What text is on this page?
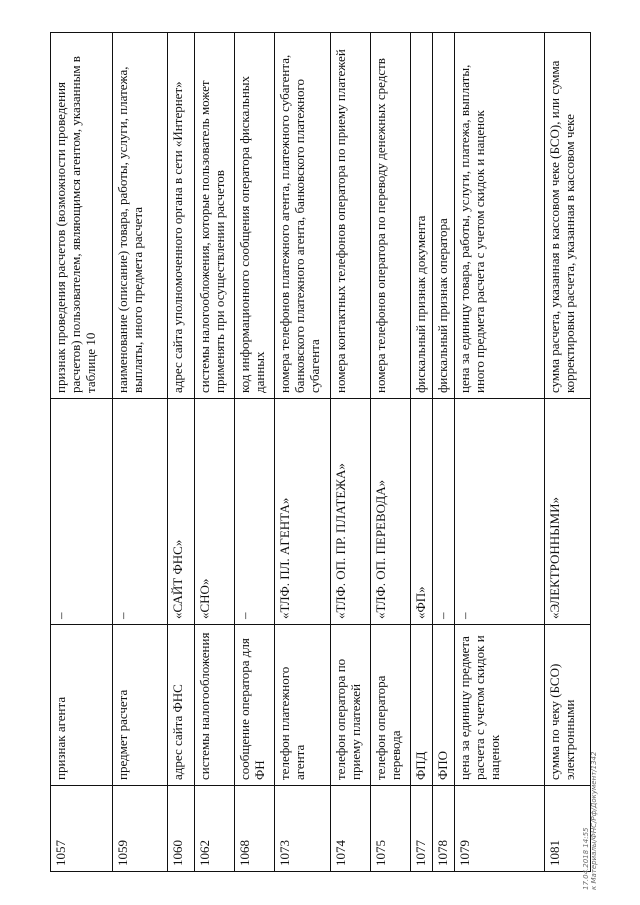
1057	признак агента	–	признак проведения расчетов (возможности проведения расчетов) пользователем, являющимся агентом, указанным в таблице 10
1059	предмет расчета	–	наименование (описание) товара, работы, услуги, платежа, выплаты, иного предмета расчета
1060	адрес сайта ФНС	«САЙТ ФНС»	адрес сайта уполномоченного органа в сети «Интернет»
1062	системы налогообложения	«СНО»	системы налогообложения, которые пользователь может применять при осуществлении расчетов
1068	сообщение оператора для ФН	–	код информационного сообщения оператора фискальных данных
1073	телефон платежного агента	«ТЛФ. ПЛ. АГЕНТА»	номера телефонов платежного агента, платежного субагента, банковского платежного агента, банковского платежного субагента
1074	телефон оператора по приему платежей	«ТЛФ. ОП. ПР. ПЛАТЕЖА»	номера контактных телефонов оператора по приему платежей
1075	телефон оператора перевода	«ТЛФ. ОП. ПЕРЕВОДА»	номера телефонов оператора по переводу денежных средств
1077	ФПД	«ФП»	фискальный признак документа
1078	ФПО	–	фискальный признак оператора
1079	цена за единицу предмета расчета с учетом скидок и наценок	–	цена за единицу товара, работы, услуги, платежа, выплаты, иного предмета расчета с учетом скидок и наценок
1081	сумма по чеку (БСО) электронными	«ЭЛЕКТРОННЫМИ»	сумма расчета, указанная в кассовом чеке (БСО), или сумма корректировки расчета, указанная в кассовом чеке
17.04.2018 14:55 к Материалы/ФНС/Рф/Документ/1342
